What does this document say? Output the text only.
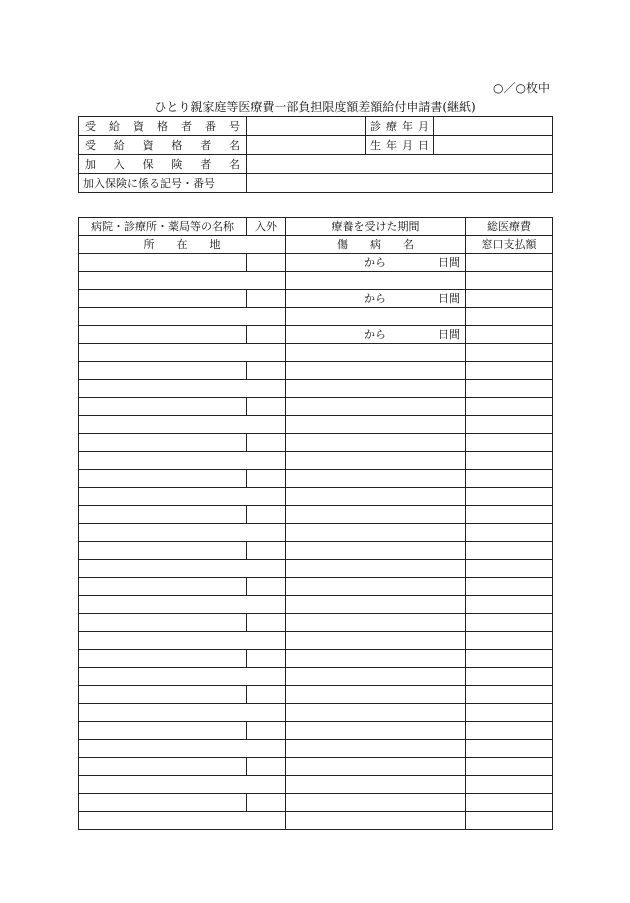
○／○枚中
ひとり親家庭等医療費一部負担限度額差額給付申請書(継紙)
受給資格者番号		診療年月	
受給資格者名		生年月日	
加入保険者名			
加入保険に係る記号・番号			
病院・診療所・薬局等の名称	入外	療養を受けた期間	総医療費
所　　在　　地		傷　　病　　名	窓口支払額

		から 日間	

		から 日間	

		から 日間	
